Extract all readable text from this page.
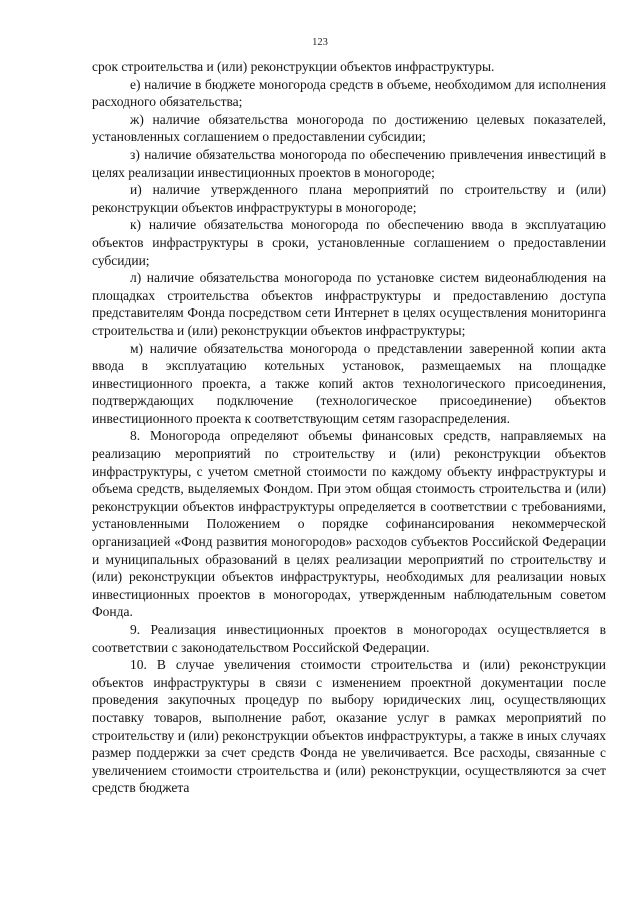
123

срок строительства и (или) реконструкции объектов инфраструктуры.

е) наличие в бюджете моногорода средств в объеме, необходимом для исполнения расходного обязательства;

ж) наличие обязательства моногорода по достижению целевых показателей, установленных соглашением о предоставлении субсидии;

з) наличие обязательства моногорода по обеспечению привлечения инвестиций в целях реализации инвестиционных проектов в моногороде;

и) наличие утвержденного плана мероприятий по строительству и (или) реконструкции объектов инфраструктуры в моногороде;

к) наличие обязательства моногорода по обеспечению ввода в эксплуатацию объектов инфраструктуры в сроки, установленные соглашением о предоставлении субсидии;

л) наличие обязательства моногорода по установке систем видеонаблюдения на площадках строительства объектов инфраструктуры и предоставлению доступа представителям Фонда посредством сети Интернет в целях осуществления мониторинга строительства и (или) реконструкции объектов инфраструктуры;

м) наличие обязательства моногорода о представлении заверенной копии акта ввода в эксплуатацию котельных установок, размещаемых на площадке инвестиционного проекта, а также копий актов технологического присоединения, подтверждающих подключение (технологическое присоединение) объектов инвестиционного проекта к соответствующим сетям газораспределения.

8. Моногорода определяют объемы финансовых средств, направляемых на реализацию мероприятий по строительству и (или) реконструкции объектов инфраструктуры, с учетом сметной стоимости по каждому объекту инфраструктуры и объема средств, выделяемых Фондом. При этом общая стоимость строительства и (или) реконструкции объектов инфраструктуры определяется в соответствии с требованиями, установленными Положением о порядке софинансирования некоммерческой организацией «Фонд развития моногородов» расходов субъектов Российской Федерации и муниципальных образований в целях реализации мероприятий по строительству и (или) реконструкции объектов инфраструктуры, необходимых для реализации новых инвестиционных проектов в моногородах, утвержденным наблюдательным советом Фонда.

9. Реализация инвестиционных проектов в моногородах осуществляется в соответствии с законодательством Российской Федерации.

10. В случае увеличения стоимости строительства и (или) реконструкции объектов инфраструктуры в связи с изменением проектной документации после проведения закупочных процедур по выбору юридических лиц, осуществляющих поставку товаров, выполнение работ, оказание услуг в рамках мероприятий по строительству и (или) реконструкции объектов инфраструктуры, а также в иных случаях размер поддержки за счет средств Фонда не увеличивается. Все расходы, связанные с увеличением стоимости строительства и (или) реконструкции, осуществляются за счет средств бюджета
